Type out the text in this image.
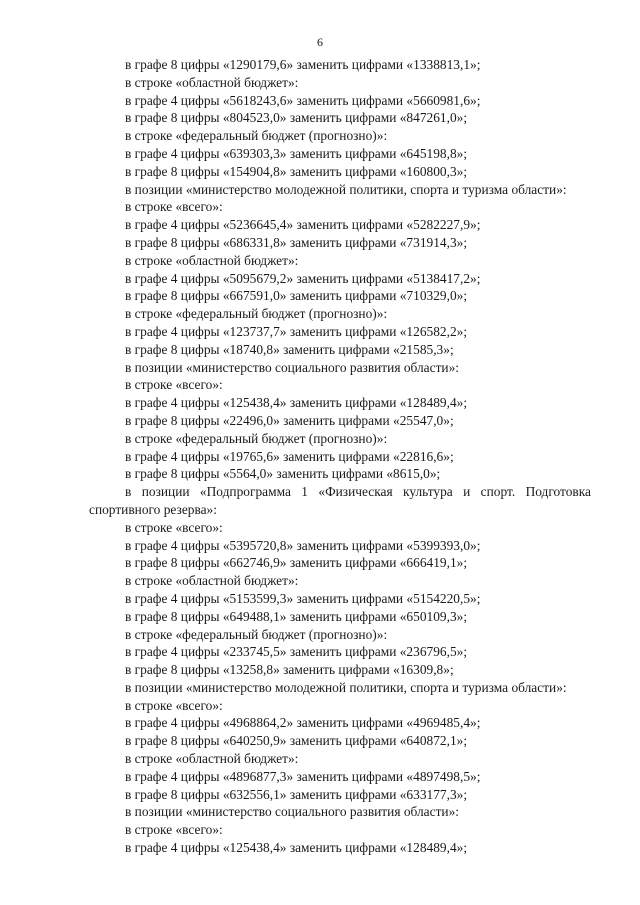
6
в графе 8 цифры «1290179,6» заменить цифрами «1338813,1»;
в строке «областной бюджет»:
в графе 4 цифры «5618243,6» заменить цифрами «5660981,6»;
в графе 8 цифры «804523,0» заменить цифрами «847261,0»;
в строке «федеральный бюджет (прогнозно)»:
в графе 4 цифры «639303,3» заменить цифрами «645198,8»;
в графе 8 цифры «154904,8» заменить цифрами «160800,3»;
в позиции «министерство молодежной политики, спорта и туризма области»:
в строке «всего»:
в графе 4 цифры «5236645,4» заменить цифрами «5282227,9»;
в графе 8 цифры «686331,8» заменить цифрами «731914,3»;
в строке «областной бюджет»:
в графе 4 цифры «5095679,2» заменить цифрами «5138417,2»;
в графе 8 цифры «667591,0» заменить цифрами «710329,0»;
в строке «федеральный бюджет (прогнозно)»:
в графе 4 цифры «123737,7» заменить цифрами «126582,2»;
в графе 8 цифры «18740,8» заменить цифрами «21585,3»;
в позиции «министерство социального развития области»:
в строке «всего»:
в графе 4 цифры «125438,4» заменить цифрами «128489,4»;
в графе 8 цифры «22496,0» заменить цифрами «25547,0»;
в строке «федеральный бюджет (прогнозно)»:
в графе 4 цифры «19765,6» заменить цифрами «22816,6»;
в графе 8 цифры «5564,0» заменить цифрами «8615,0»;
в позиции «Подпрограмма 1 «Физическая культура и спорт. Подготовка
спортивного резерва»:
в строке «всего»:
в графе 4 цифры «5395720,8» заменить цифрами «5399393,0»;
в графе 8 цифры «662746,9» заменить цифрами «666419,1»;
в строке «областной бюджет»:
в графе 4 цифры «5153599,3» заменить цифрами «5154220,5»;
в графе 8 цифры «649488,1» заменить цифрами «650109,3»;
в строке «федеральный бюджет (прогнозно)»:
в графе 4 цифры «233745,5» заменить цифрами «236796,5»;
в графе 8 цифры «13258,8» заменить цифрами «16309,8»;
в позиции «министерство молодежной политики, спорта и туризма области»:
в строке «всего»:
в графе 4 цифры «4968864,2» заменить цифрами «4969485,4»;
в графе 8 цифры «640250,9» заменить цифрами «640872,1»;
в строке «областной бюджет»:
в графе 4 цифры «4896877,3» заменить цифрами «4897498,5»;
в графе 8 цифры «632556,1» заменить цифрами «633177,3»;
в позиции «министерство социального развития области»:
в строке «всего»:
в графе 4 цифры «125438,4» заменить цифрами «128489,4»;
